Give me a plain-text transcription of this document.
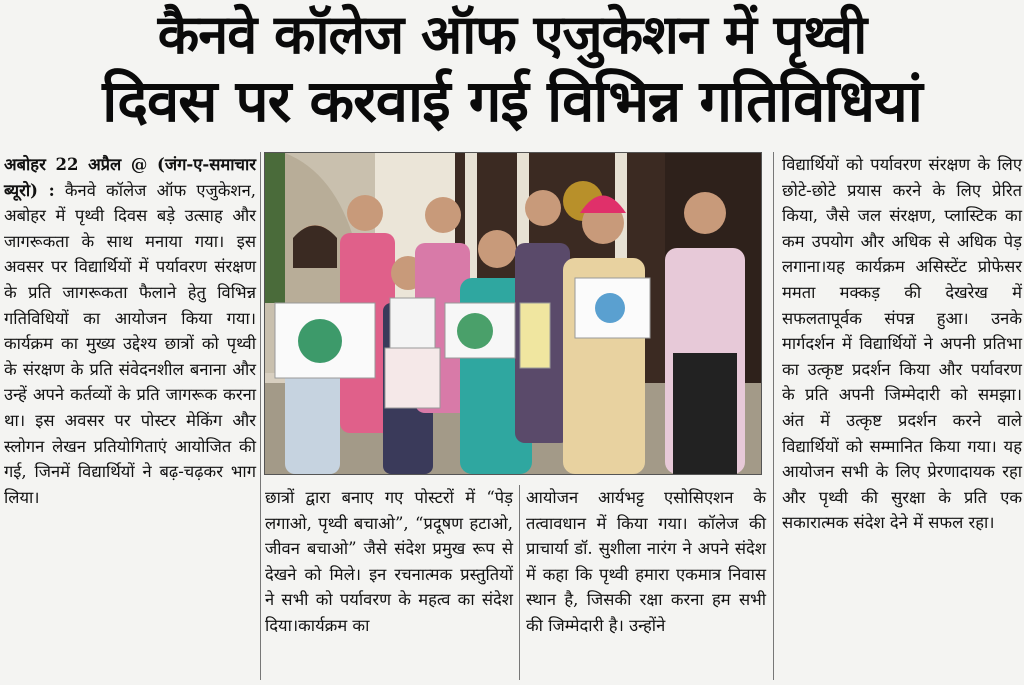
कैनवे कॉलेज ऑफ एजुकेशन में पृथ्वी
दिवस पर करवाई गई विभिन्न गतिविधियां

अबोहर 22 अप्रैल @ (जंग-ए-समाचार ब्यूरो) : कैनवे कॉलेज ऑफ एजुकेशन, अबोहर में पृथ्वी दिवस बड़े उत्साह और जागरूकता के साथ मनाया गया। इस अवसर पर विद्यार्थियों में पर्यावरण संरक्षण के प्रति जागरूकता फैलाने हेतु विभिन्न गतिविधियों का आयोजन किया गया। कार्यक्रम का मुख्य उद्देश्य छात्रों को पृथ्वी के संरक्षण के प्रति संवेदनशील बनाना और उन्हें अपने कर्तव्यों के प्रति जागरूक करना था। इस अवसर पर पोस्टर मेकिंग और स्लोगन लेखन प्रतियोगिताएं आयोजित की गई, जिनमें विद्यार्थियों ने बढ़-चढ़कर भाग लिया।	छात्रों द्वारा बनाए गए पोस्टरों में “पेड़ लगाओ, पृथ्वी बचाओ”, “प्रदूषण हटाओ, जीवन बचाओ” जैसे संदेश प्रमुख रूप से देखने को मिले। इन रचनात्मक प्रस्तुतियों ने सभी को पर्यावरण के महत्व का संदेश दिया।कार्यक्रम का

आयोजन आर्यभट्ट एसोसिएशन के तत्वावधान में किया गया। कॉलेज की प्राचार्या डॉ. सुशीला नारंग ने अपने संदेश में कहा कि पृथ्वी हमारा एकमात्र निवास स्थान है, जिसकी रक्षा करना हम सभी की जिम्मेदारी है। उन्होंने

विद्यार्थियों को पर्यावरण संरक्षण के लिए छोटे-छोटे प्रयास करने के लिए प्रेरित किया, जैसे जल संरक्षण, प्लास्टिक का कम उपयोग और अधिक से अधिक पेड़ लगाना।यह कार्यक्रम असिस्टेंट प्रोफेसर ममता मक्कड़ की देखरेख में सफलतापूर्वक संपन्न हुआ। उनके मार्गदर्शन में विद्यार्थियों ने अपनी प्रतिभा का उत्कृष्ट प्रदर्शन किया और पर्यावरण के प्रति अपनी जिम्मेदारी को समझा। अंत में उत्कृष्ट प्रदर्शन करने वाले विद्यार्थियों को सम्मानित किया गया। यह आयोजन सभी के लिए प्रेरणादायक रहा और पृथ्वी की सुरक्षा के प्रति एक सकारात्मक संदेश देने में सफल रहा।
